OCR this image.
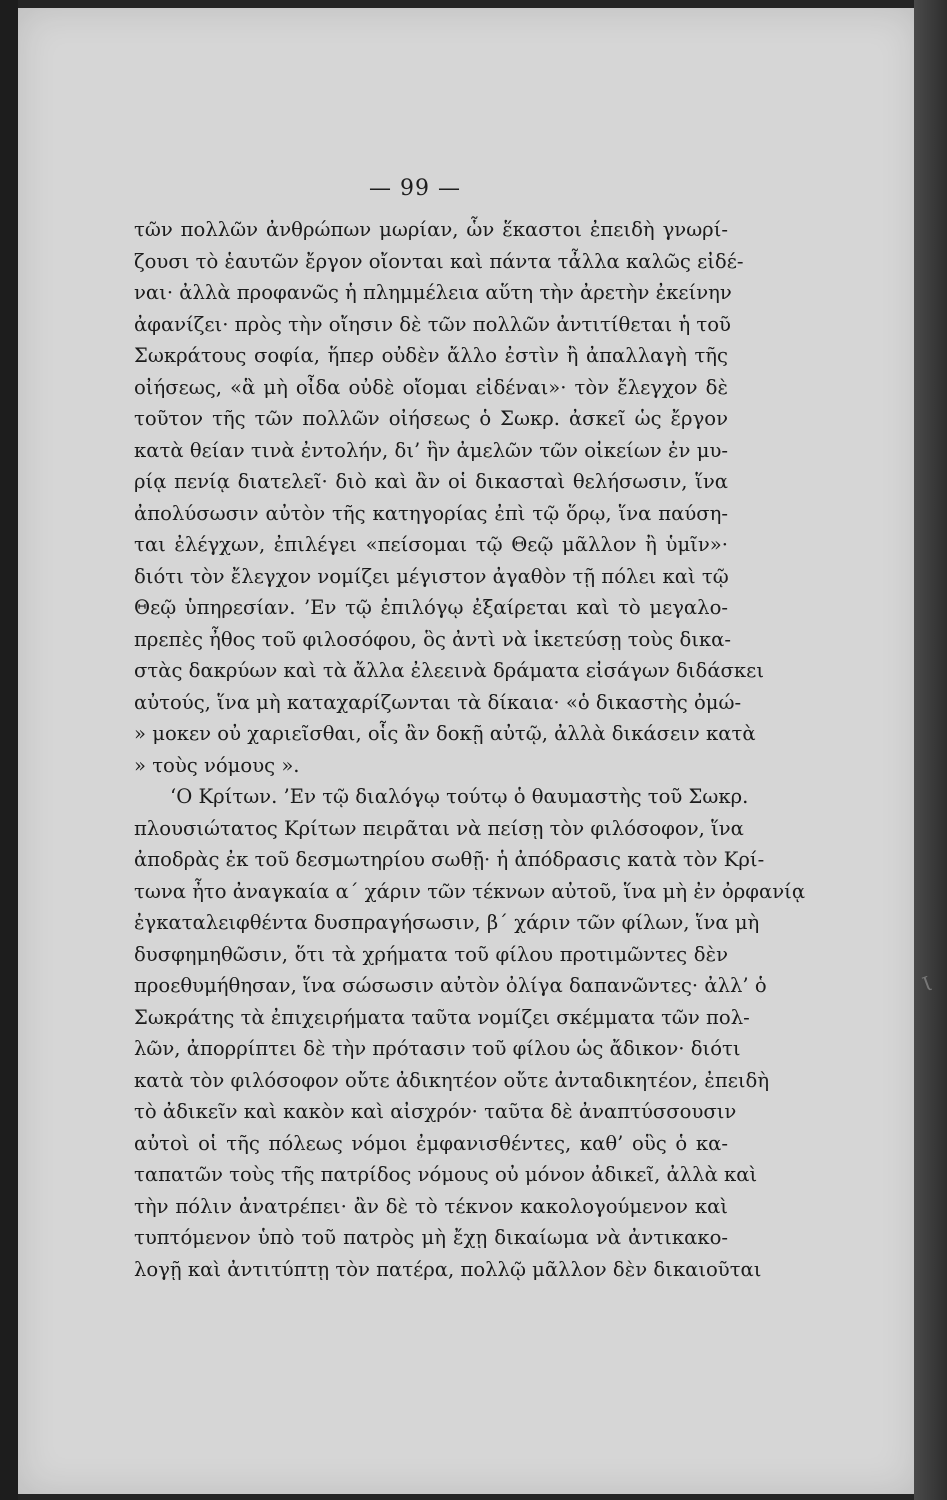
— 99 —
τῶν πολλῶν ἀνθρώπων μωρίαν, ὧν ἕκαστοι ἐπειδὴ γνωρί-
ζουσι τὸ ἑαυτῶν ἔργον οἴονται καὶ πάντα τἆλλα καλῶς εἰδέ-
ναι· ἀλλὰ προφανῶς ἡ πλημμέλεια αὕτη τὴν ἀρετὴν ἐκείνην
ἀφανίζει· πρὸς τὴν οἴησιν δὲ τῶν πολλῶν ἀντιτίθεται ἡ τοῦ
Σωκράτους σοφία, ἥπερ οὐδὲν ἄλλο ἐστὶν ἢ ἀπαλλαγὴ τῆς
οἰήσεως, «ἃ μὴ οἶδα οὐδὲ οἴομαι εἰδέναι»· τὸν ἔλεγχον δὲ
τοῦτον τῆς τῶν πολλῶν οἰήσεως ὁ Σωκρ. ἀσκεῖ ὡς ἔργον
κατὰ θείαν τινὰ ἐντολήν, δι’ ἣν ἀμελῶν τῶν οἰκείων ἐν μυ-
ρίᾳ πενίᾳ διατελεῖ· διὸ καὶ ἂν οἱ δικασταὶ θελήσωσιν, ἵνα
ἀπολύσωσιν αὐτὸν τῆς κατηγορίας ἐπὶ τῷ ὅρῳ, ἵνα παύση-
ται ἐλέγχων, ἐπιλέγει «πείσομαι τῷ Θεῷ μᾶλλον ἢ ὑμῖν»·
διότι τὸν ἔλεγχον νομίζει μέγιστον ἀγαθὸν τῇ πόλει καὶ τῷ
Θεῷ ὑπηρεσίαν. ’Εν τῷ ἐπιλόγῳ ἐξαίρεται καὶ τὸ μεγαλο-
πρεπὲς ἦθος τοῦ φιλοσόφου, ὃς ἀντὶ νὰ ἱκετεύσῃ τοὺς δικα-
στὰς δακρύων καὶ τὰ ἄλλα ἐλεεινὰ δράματα εἰσάγων διδάσκει
αὐτούς, ἵνα μὴ καταχαρίζωνται τὰ δίκαια· «ὁ δικαστὴς ὀμώ-
» μοκεν οὐ χαριεῖσθαι, οἷς ἂν δοκῇ αὐτῷ, ἀλλὰ δικάσειν κατὰ
» τοὺς νόμους ».
‘Ο Κρίτων. ’Εν τῷ διαλόγῳ τούτῳ ὁ θαυμαστὴς τοῦ Σωκρ.
πλουσιώτατος Κρίτων πειρᾶται νὰ πείσῃ τὸν φιλόσοφον, ἵνα
ἀποδρὰς ἐκ τοῦ δεσμωτηρίου σωθῇ· ἡ ἀπόδρασις κατὰ τὸν Κρί-
τωνα ἦτο ἀναγκαία α΄ χάριν τῶν τέκνων αὐτοῦ, ἵνα μὴ ἐν ὀρφανίᾳ
ἐγκαταλειφθέντα δυσπραγήσωσιν, β΄ χάριν τῶν φίλων, ἵνα μὴ
δυσφημηθῶσιν, ὅτι τὰ χρήματα τοῦ φίλου προτιμῶντες δὲν
προεθυμήθησαν, ἵνα σώσωσιν αὐτὸν ὀλίγα δαπανῶντες· ἀλλ’ ὁ
Σωκράτης τὰ ἐπιχειρήματα ταῦτα νομίζει σκέμματα τῶν πολ-
λῶν, ἀπορρίπτει δὲ τὴν πρότασιν τοῦ φίλου ὡς ἄδικον· διότι
κατὰ τὸν φιλόσοφον οὔτε ἀδικητέον οὔτε ἀνταδικητέον, ἐπειδὴ
τὸ ἀδικεῖν καὶ κακὸν καὶ αἰσχρόν· ταῦτα δὲ ἀναπτύσσουσιν
αὐτοὶ οἱ τῆς πόλεως νόμοι ἐμφανισθέντες, καθ’ οὓς ὁ κα-
ταπατῶν τοὺς τῆς πατρίδος νόμους οὐ μόνον ἀδικεῖ, ἀλλὰ καὶ
τὴν πόλιν ἀνατρέπει· ἂν δὲ τὸ τέκνον κακολογούμενον καὶ
τυπτόμενον ὑπὸ τοῦ πατρὸς μὴ ἔχῃ δικαίωμα νὰ ἀντικακο-
λογῇ καὶ ἀντιτύπτῃ τὸν πατέρα, πολλῷ μᾶλλον δὲν δικαιοῦται
Ɩ
